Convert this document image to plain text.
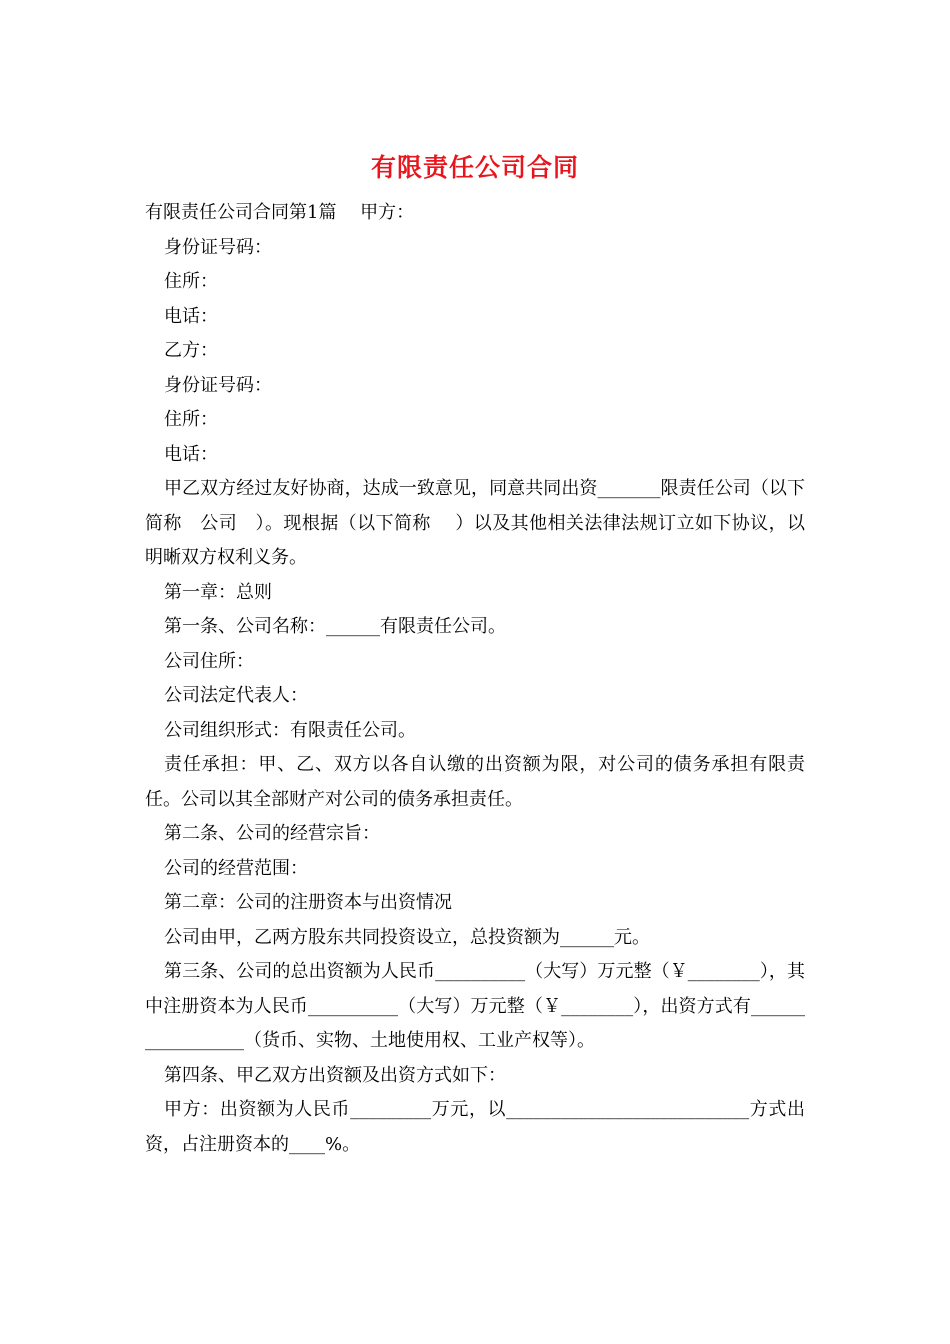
有限责任公司合同

有限责任公司合同第1篇　 甲方：

身份证号码：

住所：

电话：

乙方：

身份证号码：

住所：

电话：

甲乙双方经过友好协商，达成一致意见，同意共同出资_______限责任公司（以下简称　公司　）。现根据（以下简称　 ）以及其他相关法律法规订立如下协议，以明晰双方权利义务。

第一章：总则

第一条、公司名称：______有限责任公司。

公司住所：

公司法定代表人：

公司组织形式：有限责任公司。

责任承担：甲、乙、双方以各自认缴的出资额为限，对公司的债务承担有限责任。公司以其全部财产对公司的债务承担责任。

第二条、公司的经营宗旨：

公司的经营范围：

第二章：公司的注册资本与出资情况

公司由甲，乙两方股东共同投资设立，总投资额为______元。

第三条、公司的总出资额为人民币__________（大写）万元整（￥________），其中注册资本为人民币__________（大写）万元整（￥________），出资方式有_________________（货币、实物、土地使用权、工业产权等）。

第四条、甲乙双方出资额及出资方式如下：

甲方：出资额为人民币_________万元，以___________________________方式出资，占注册资本的____%。
